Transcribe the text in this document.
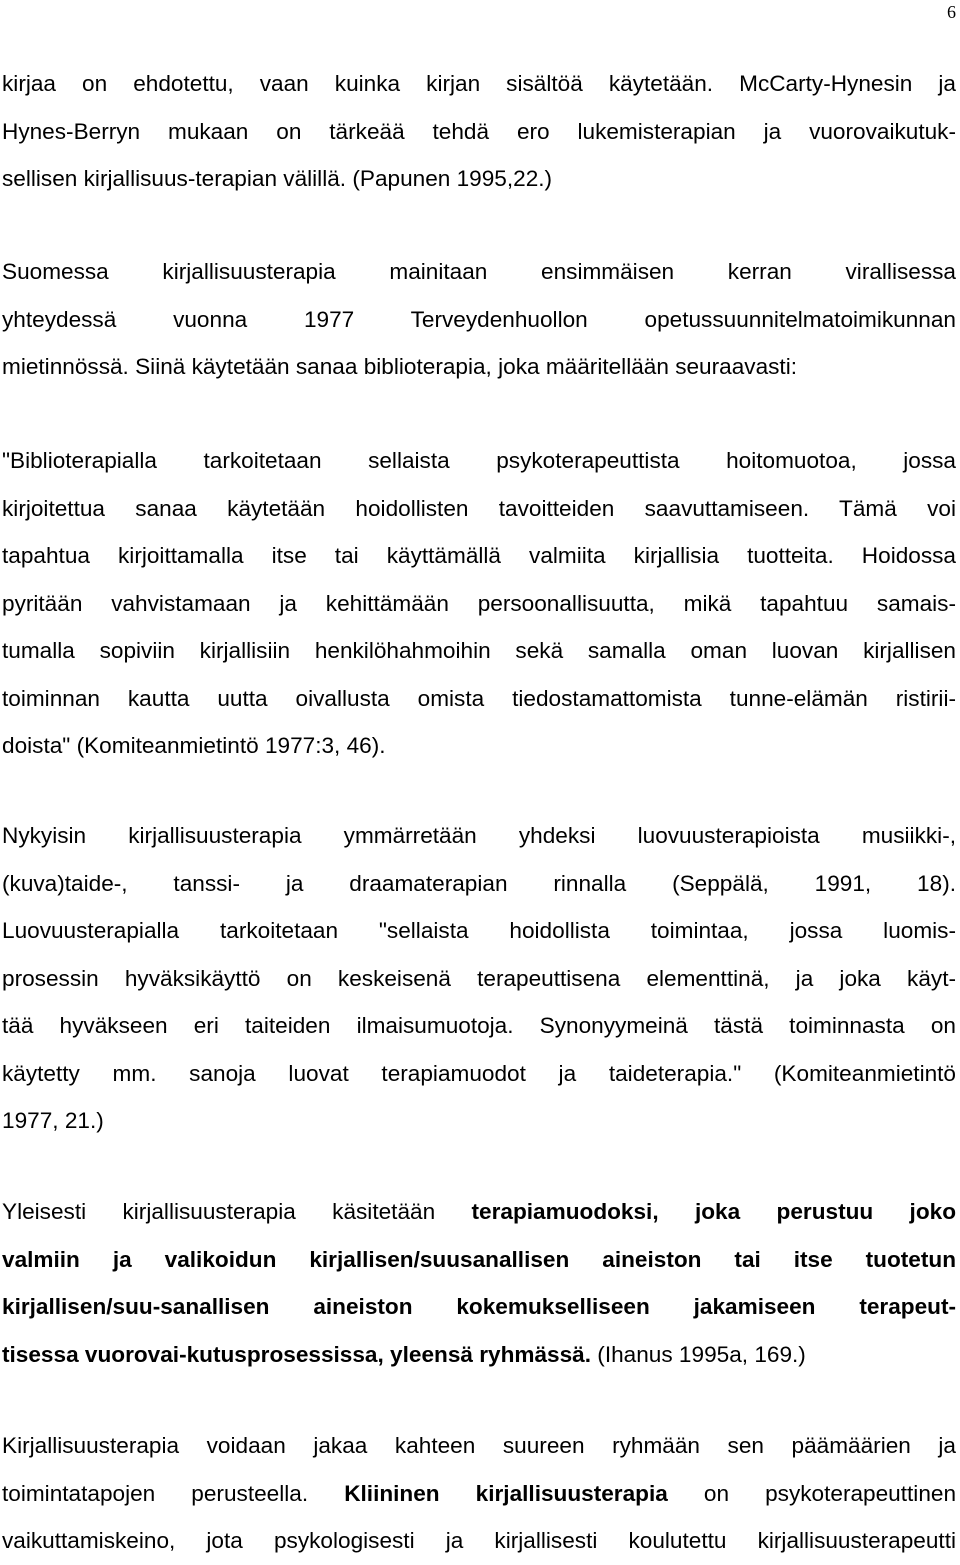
6
kirjaa on ehdotettu, vaan kuinka kirjan sisältöä käytetään. McCarty-Hynesin ja
Hynes-Berryn mukaan on tärkeää tehdä ero lukemisterapian ja vuorovaikutuk-
sellisen kirjallisuus-terapian välillä. (Papunen 1995,22.)
Suomessa kirjallisuusterapia mainitaan ensimmäisen kerran virallisessa
yhteydessä vuonna 1977 Terveydenhuollon opetussuunnitelmatoimikunnan
mietinnössä. Siinä käytetään sanaa biblioterapia, joka määritellään seuraavasti:
"Biblioterapialla tarkoitetaan sellaista psykoterapeuttista hoitomuotoa, jossa
kirjoitettua sanaa käytetään hoidollisten tavoitteiden saavuttamiseen. Tämä voi
tapahtua kirjoittamalla itse tai käyttämällä valmiita kirjallisia tuotteita. Hoidossa
pyritään vahvistamaan ja kehittämään persoonallisuutta, mikä tapahtuu samais-
tumalla sopiviin kirjallisiin henkilöhahmoihin sekä samalla oman luovan kirjallisen
toiminnan kautta uutta oivallusta omista tiedostamattomista tunne-elämän ristirii-
doista" (Komiteanmietintö 1977:3, 46).
Nykyisin kirjallisuusterapia ymmärretään yhdeksi luovuusterapioista musiikki-,
(kuva)taide-, tanssi- ja draamaterapian rinnalla (Seppälä, 1991, 18).
Luovuusterapialla tarkoitetaan "sellaista hoidollista toimintaa, jossa luomis-
prosessin hyväksikäyttö on keskeisenä terapeuttisena elementtinä, ja joka käyt-
tää hyväkseen eri taiteiden ilmaisumuotoja. Synonyymeinä tästä toiminnasta on
käytetty mm. sanoja luovat terapiamuodot ja taideterapia." (Komiteanmietintö
1977, 21.)
Yleisesti kirjallisuusterapia käsitetään terapiamuodoksi, joka perustuu joko
valmiin ja valikoidun kirjallisen/suusanallisen aineiston tai itse tuotetun
kirjallisen/suu-sanallisen aineiston kokemukselliseen jakamiseen terapeut-
tisessa vuorovai-kutusprosessissa, yleensä ryhmässä. (Ihanus 1995a, 169.)
Kirjallisuusterapia voidaan jakaa kahteen suureen ryhmään sen päämäärien ja
toimintatapojen perusteella. Kliininen kirjallisuusterapia on psykoterapeuttinen
vaikuttamiskeino, jota psykologisesti ja kirjallisesti koulutettu kirjallisuusterapeutti
